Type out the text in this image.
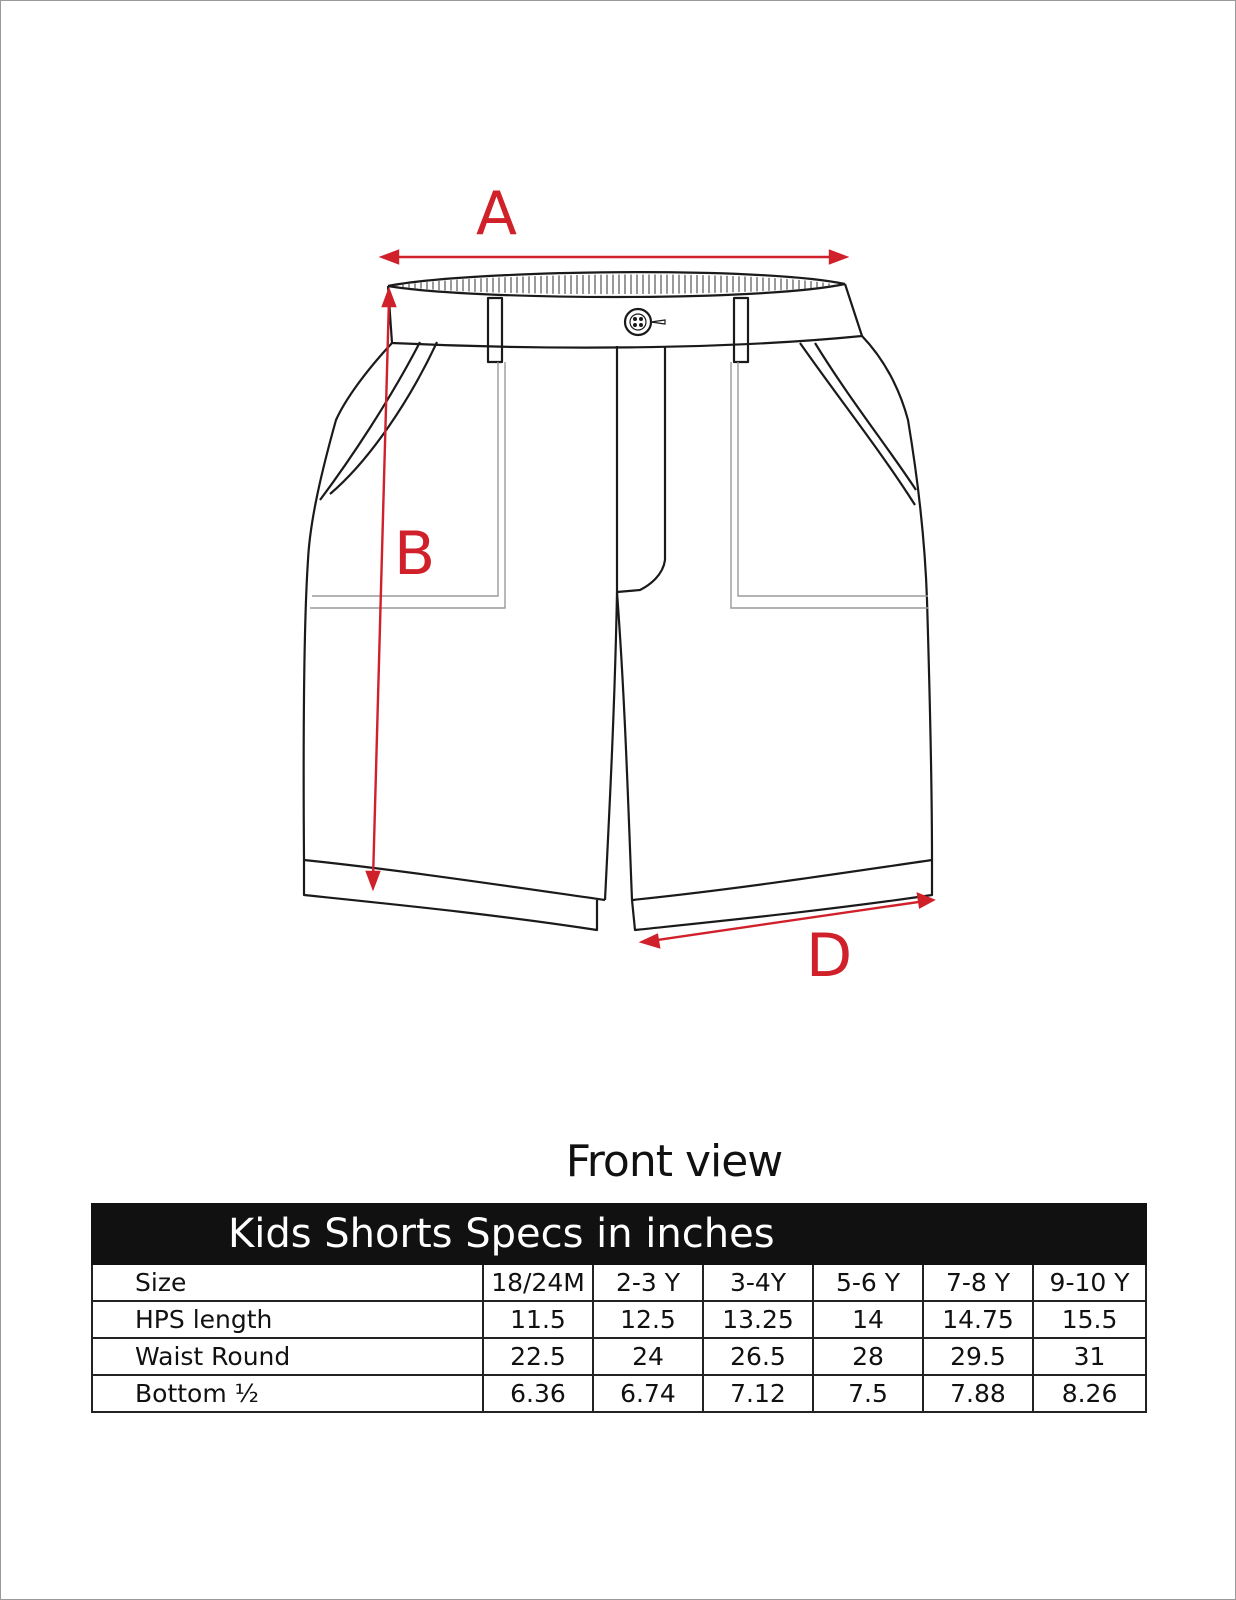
A
B
D
Front view
Kids Shorts Specs in inches						
Size	18/24M	2-3 Y	3-4Y	5-6 Y	7-8 Y	9-10 Y
HPS length	11.5	12.5	13.25	14	14.75	15.5
Waist Round	22.5	24	26.5	28	29.5	31
Bottom ½	6.36	6.74	7.12	7.5	7.88	8.26
